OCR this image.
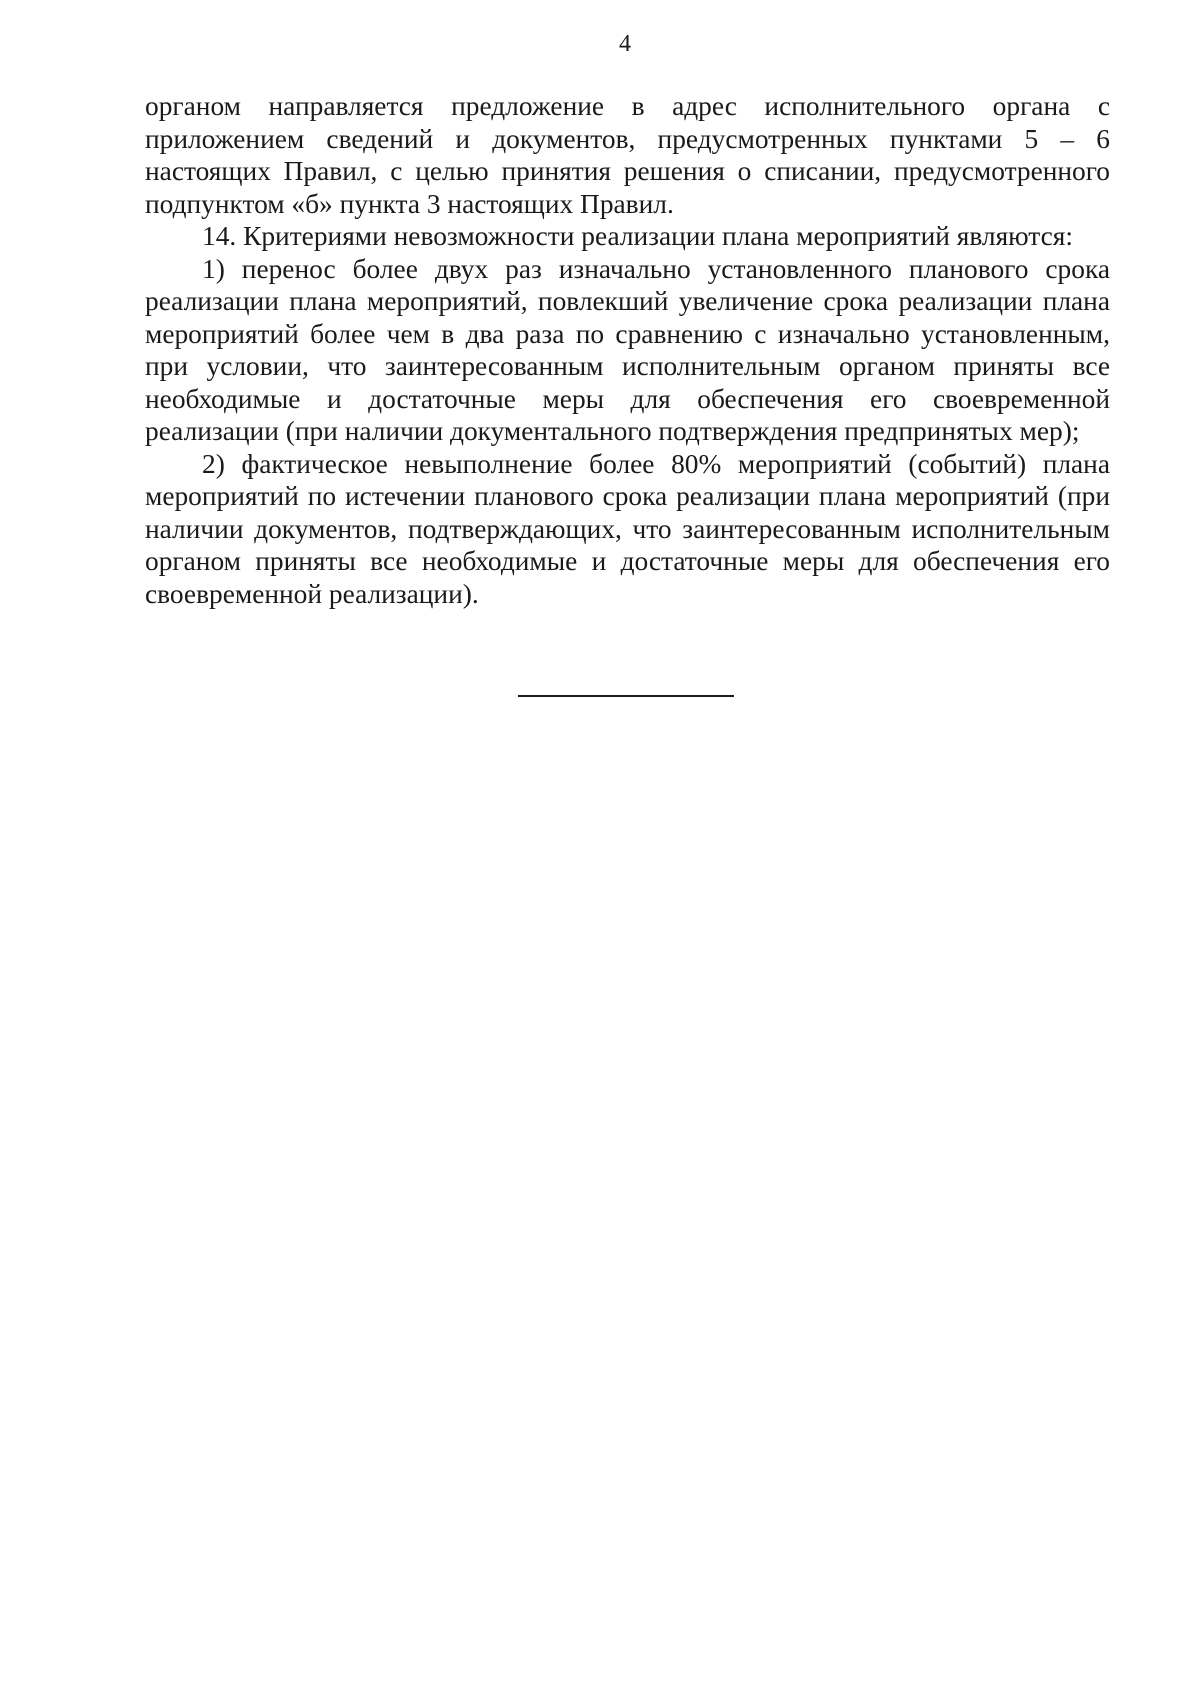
4

органом направляется предложение в адрес исполнительного органа с приложением сведений и документов, предусмотренных пунктами 5 – 6 настоящих Правил, с целью принятия решения о списании, предусмотренного подпунктом «б» пункта 3 настоящих Правил.

14. Критериями невозможности реализации плана мероприятий являются:

1) перенос более двух раз изначально установленного планового срока реализации плана мероприятий, повлекший увеличение срока реализации плана мероприятий более чем в два раза по сравнению с изначально установленным, при условии, что заинтересованным исполнительным органом приняты все необходимые и достаточные меры для обеспечения его своевременной реализации (при наличии документального подтверждения предпринятых мер);

2) фактическое невыполнение более 80% мероприятий (событий) плана мероприятий по истечении планового срока реализации плана мероприятий (при наличии документов, подтверждающих, что заинтересованным исполнительным органом приняты все необходимые и достаточные меры для обеспечения его своевременной реализации).
